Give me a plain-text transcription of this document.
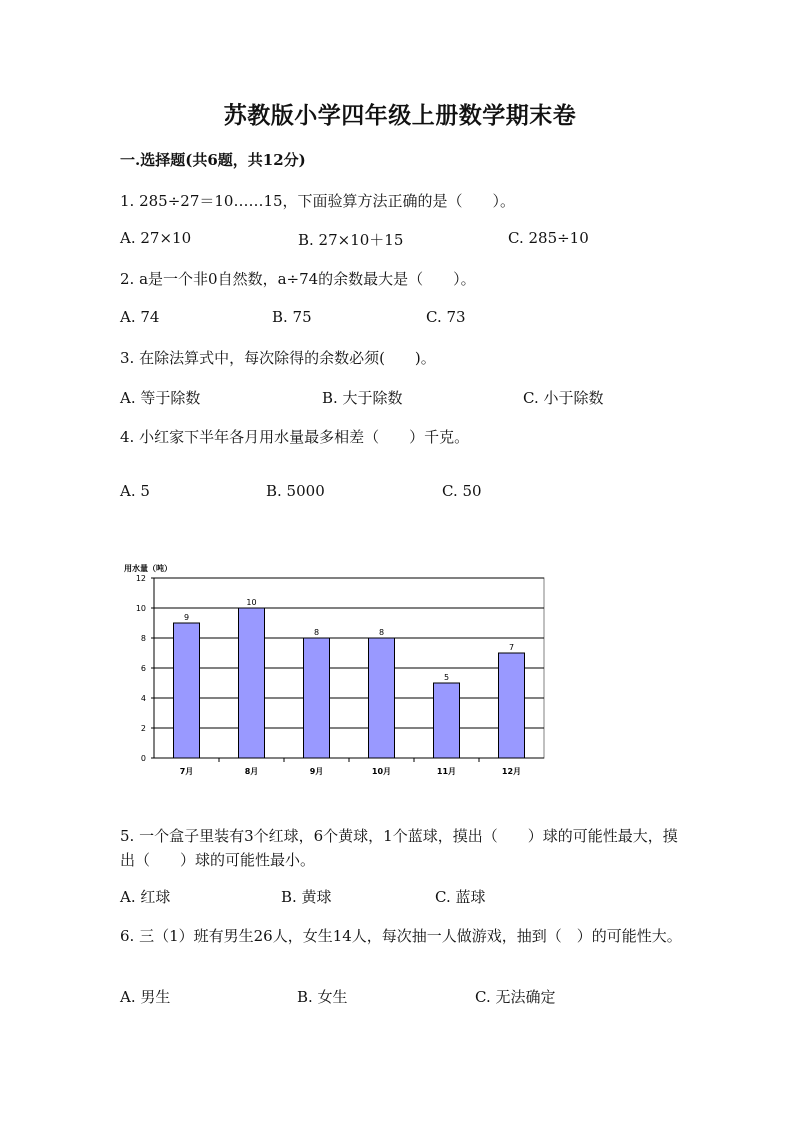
苏教版小学四年级上册数学期末卷
一.选择题(共6题，共12分)
1. 285÷27＝10……15，下面验算方法正确的是（　　）。
A. 27×10	B. 27×10＋15	C. 285÷10
2. a是一个非0自然数，a÷74的余数最大是（　　）。
A. 74	B. 75	C. 73
3. 在除法算式中，每次除得的余数必须(　　)。
A. 等于除数	B. 大于除数	C. 小于除数
4. 小红家下半年各月用水量最多相差（　　）千克。
A. 5	B. 5000	C. 50
用水量（吨）
0
2
4
6
8
10
12
9
7月
10
8月
8
9月
8
10月
5
11月
7
12月
5. 一个盒子里装有3个红球，6个黄球，1个蓝球，摸出（　　）球的可能性最大，摸出（　　）球的可能性最小。
A. 红球	B. 黄球	C. 蓝球
6. 三（1）班有男生26人，女生14人，每次抽一人做游戏，抽到（　）的可能性大。
A. 男生	B. 女生	C. 无法确定
